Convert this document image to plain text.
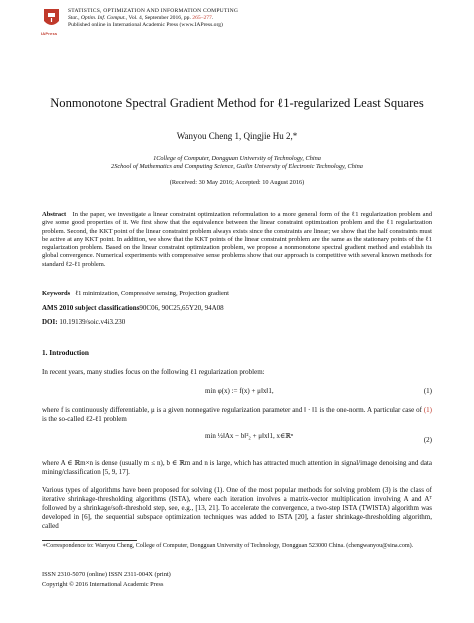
IAPress
STATISTICS, OPTIMIZATION AND INFORMATION COMPUTING
Stat., Optim. Inf. Comput., Vol. 4, September 2016, pp. 265–277.
Published online in International Academic Press (www.IAPress.org)
Nonmonotone Spectral Gradient Method for ℓ1-regularized Least Squares
Wanyou Cheng 1, Qingjie Hu 2,*
1College of Computer, Dongguan University of Technology, China
2School of Mathematics and Computing Science, Guilin University of Electronic Technology, China
(Received: 30 May 2016; Accepted: 10 August 2016)
Abstract In the paper, we investigate a linear constraint optimization reformulation to a more general form of the ℓ1 regularization problem and give some good properties of it. We first show that the equivalence between the linear constraint optimization problem and the ℓ1 regularization problem. Second, the KKT point of the linear constraint problem always exists since the constraints are linear; we show that the half constraints must be active at any KKT point. In addition, we show that the KKT points of the linear constraint problem are the same as the stationary points of the ℓ1 regularization problem. Based on the linear constraint optimization problem, we propose a nonmonotone spectral gradient method and establish its global convergence. Numerical experiments with compressive sense problems show that our approach is competitive with several known methods for standard ℓ2-ℓ1 problem.
Keywords ℓ1 minimization, Compressive sensing, Projection gradient
AMS 2010 subject classifications90C06, 90C25,65Y20, 94A08
DOI: 10.19139/soic.v4i3.230
1. Introduction
In recent years, many studies focus on the following ℓ1 regularization problem:
min φ(x) := f(x) + μ‖x‖1,	(1)
where f is continuously differentiable, μ is a given nonnegative regularization parameter and ‖ · ‖1 is the one-norm. A particular case of (1) is the so-called ℓ2-ℓ1 problem
min ½‖Ax − b‖²₂ + μ‖x‖1, x∈ℝⁿ	(2)
where A ∈ ℝm×n is dense (usually m ≤ n), b ∈ ℝm and n is large, which has attracted much attention in signal/image denoising and data mining/classification [5, 9, 17].
Various types of algorithms have been proposed for solving (1). One of the most popular methods for solving problem (3) is the class of iterative shrinkage-thresholding algorithms (ISTA), where each iteration involves a matrix-vector multiplication involving A and Aᵀ followed by a shrinkage/soft-threshold step, see, e.g., [13, 21]. To accelerate the convergence, a two-step ISTA (TWISTA) algorithm was developed in [6], the sequential subspace optimization techniques was added to ISTA [20], a faster shrinkage-thresholding algorithm, called
∗Correspondence to: Wanyou Cheng, College of Computer, Dongguan University of Technology, Dongguan 523000 China. (chengwanyou@sina.com).
ISSN 2310-5070 (online) ISSN 2311-004X (print)
Copyright © 2016 International Academic Press
